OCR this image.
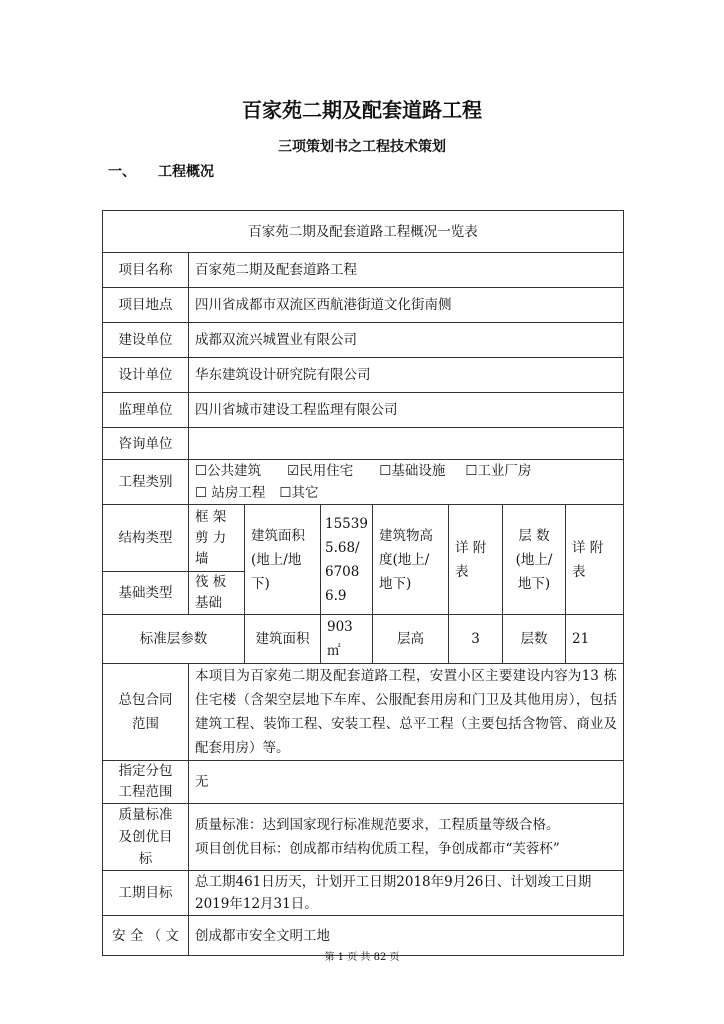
百家苑二期及配套道路工程
三项策划书之工程技术策划
一、 工程概况
百家苑二期及配套道路工程概况一览表							
项目名称	百家苑二期及配套道路工程						
项目地点	四川省成都市双流区西航港街道文化街南侧						
建设单位	成都双流兴城置业有限公司						
设计单位	华东建筑设计研究院有限公司						
监理单位	四川省城市建设工程监理有限公司						
咨询单位							
工程类别	☐公共建筑 ☑民用住宅 ☐基础设施 ☐工业厂房☐ 站房工程 ☐其它						
结构类型	框 架 剪 力 墙	建筑面积(地上/地下)	155395.68/67086.9	建筑物高度(地上/地下)	详 附 表	层 数 (地上/地下)	详 附 表
基础类型	筏 板 基础						
标准层参数		建筑面积	903㎡	层高	3	层数	21
总包合同范围	本项目为百家苑二期及配套道路工程，安置小区主要建设内容为13 栋住宅楼（含架空层地下车库、公服配套用房和门卫及其他用房），包括建筑工程、装饰工程、安装工程、总平工程（主要包括含物管、商业及配套用房）等。						
指定分包工程范围	无						
质量标准及创优目标	质量标准：达到国家现行标准规范要求，工程质量等级合格。
项目创优目标：创成都市结构优质工程，争创成都市“芙蓉杯”						

工期目标	总工期461日历天，计划开工日期2018年9月26日、计划竣工日期2019年12月31日。						
安 全 （ 文	创成都市安全文明工地						
第 1 页 共 82 页
